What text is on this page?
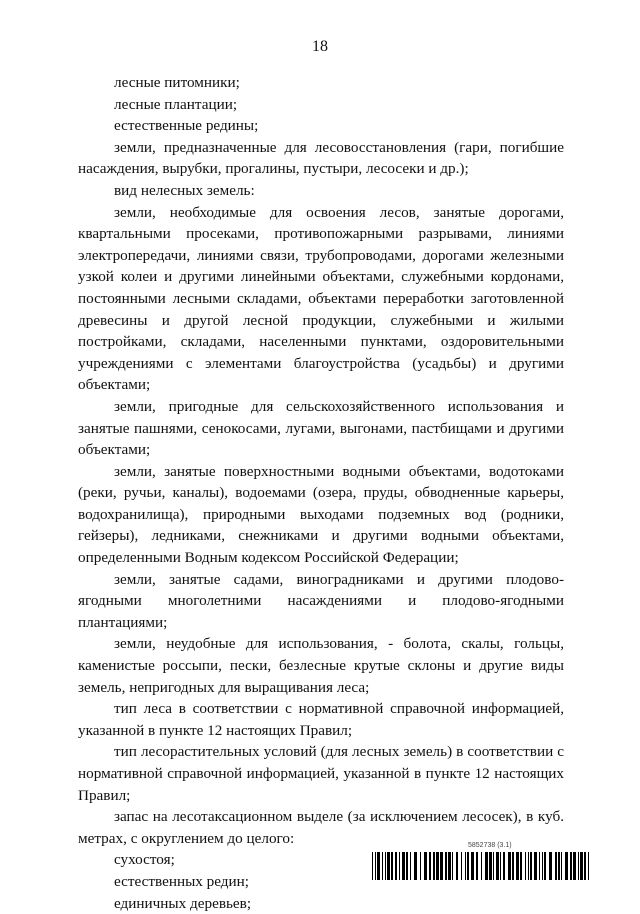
18

лесные питомники;

лесные плантации;

естественные редины;

земли, предназначенные для лесовосстановления (гари, погибшие насаждения, вырубки, прогалины, пустыри, лесосеки и др.);

вид нелесных земель:

земли, необходимые для освоения лесов, занятые дорогами, квартальными просеками, противопожарными разрывами, линиями электропередачи, линиями связи, трубопроводами, дорогами железными узкой колеи и другими линейными объектами, служебными кордонами, постоянными лесными складами, объектами переработки заготовленной древесины и другой лесной продукции, служебными и жилыми постройками, складами, населенными пунктами, оздоровительными учреждениями с элементами благоустройства (усадьбы) и другими объектами;

земли, пригодные для сельскохозяйственного использования и занятые пашнями, сенокосами, лугами, выгонами, пастбищами и другими объектами;

земли, занятые поверхностными водными объектами, водотоками (реки, ручьи, каналы), водоемами (озера, пруды, обводненные карьеры, водохранилища), природными выходами подземных вод (родники, гейзеры), ледниками, снежниками и другими водными объектами, определенными Водным кодексом Российской Федерации;

земли, занятые садами, виноградниками и другими плодово-ягодными многолетними насаждениями и плодово-ягодными плантациями;

земли, неудобные для использования, - болота, скалы, гольцы, каменистые россыпи, пески, безлесные крутые склоны и другие виды земель, непригодных для выращивания леса;

тип леса в соответствии с нормативной справочной информацией, указанной в пункте 12 настоящих Правил;

тип лесорастительных условий (для лесных земель) в соответствии с нормативной справочной информацией, указанной в пункте 12 настоящих Правил;

запас на лесотаксационном выделе (за исключением лесосек), в куб. метрах, с округлением до целого:

сухостоя;

естественных редин;

единичных деревьев;

5852738 (3.1)
